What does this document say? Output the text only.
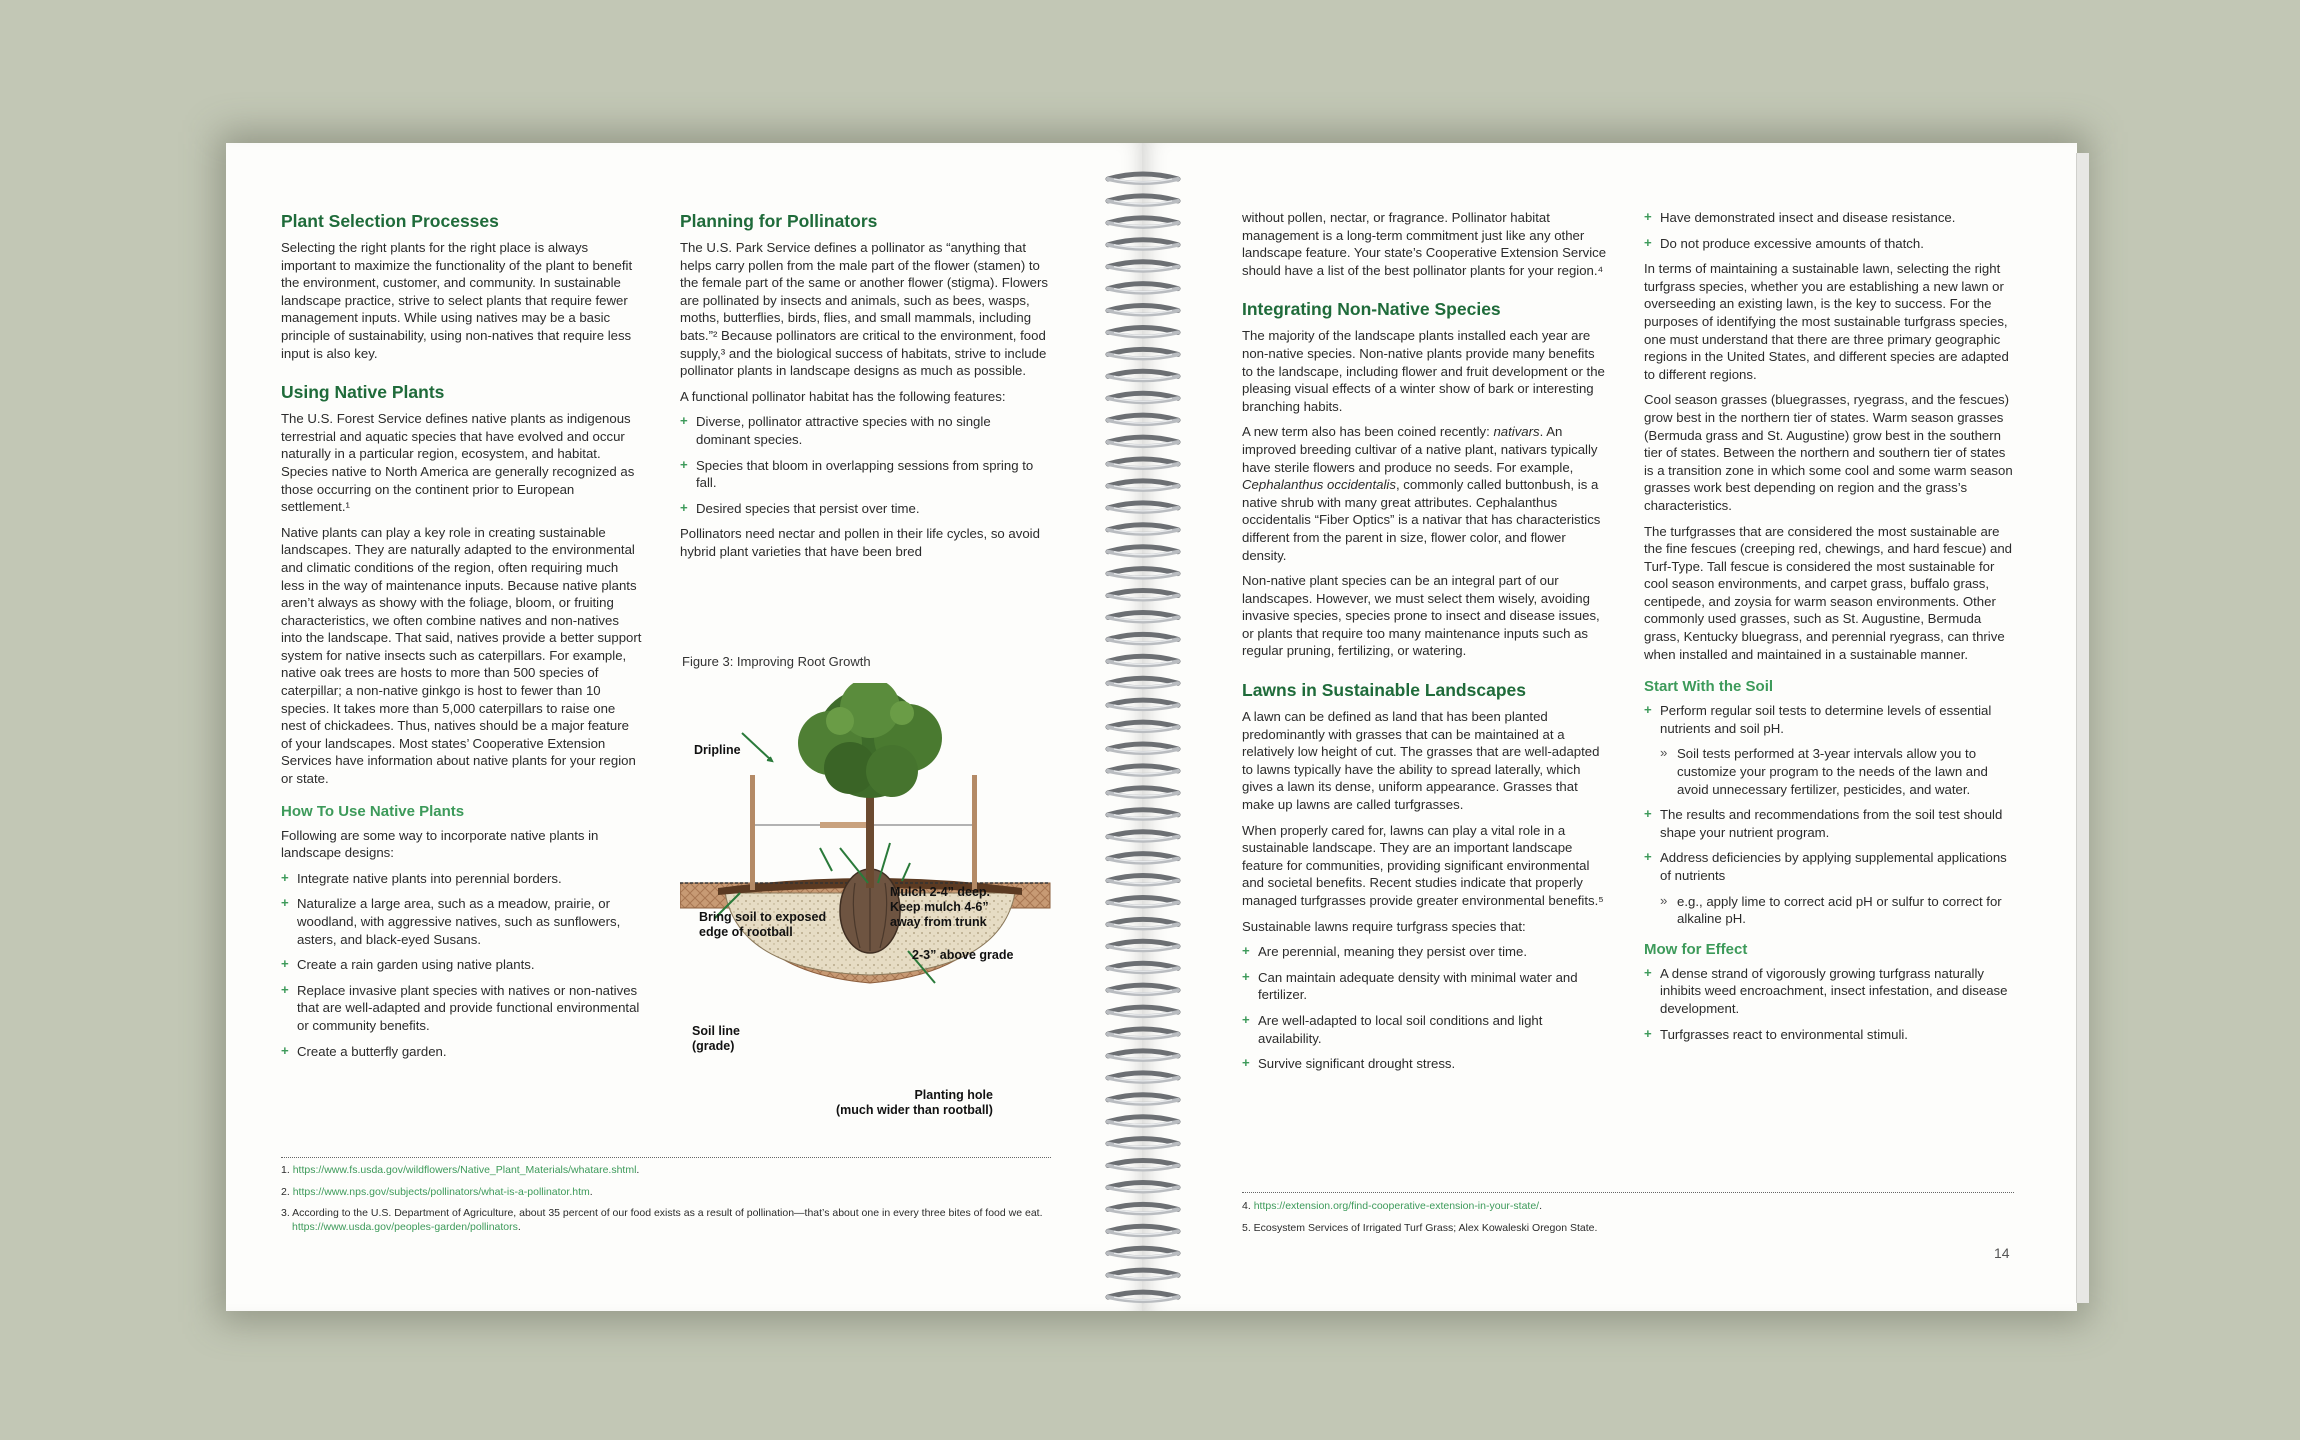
Plant Selection Processes

Selecting the right plants for the right place is always important to maximize the functionality of the plant to benefit the environment, customer, and community. In sustainable landscape practice, strive to select plants that require fewer management inputs. While using natives may be a basic principle of sustainability, using non-natives that require less input is also key.

Using Native Plants

The U.S. Forest Service defines native plants as indigenous terrestrial and aquatic species that have evolved and occur naturally in a particular region, ecosystem, and habitat. Species native to North America are generally recognized as those occurring on the continent prior to European settlement.¹

Native plants can play a key role in creating sustainable landscapes. They are naturally adapted to the environmental and climatic conditions of the region, often requiring much less in the way of maintenance inputs. Because native plants aren’t always as showy with the foliage, bloom, or fruiting characteristics, we often combine natives and non-natives into the landscape. That said, natives provide a better support system for native insects such as caterpillars. For example, native oak trees are hosts to more than 500 species of caterpillar; a non-native ginkgo is host to fewer than 10 species. It takes more than 5,000 caterpillars to raise one nest of chickadees. Thus, natives should be a major feature of your landscapes. Most states’ Cooperative Extension Services have information about native plants for your region or state.

How To Use Native Plants

Following are some way to incorporate native plants in landscape designs:

+ Integrate native plants into perennial borders.
+ Naturalize a large area, such as a meadow, prairie, or woodland, with aggressive natives, such as sunflowers, asters, and black-eyed Susans.
+ Create a rain garden using native plants.
+ Replace invasive plant species with natives or non-natives that are well-adapted and provide functional environmental or community benefits.
+ Create a butterfly garden.
Planning for Pollinators

The U.S. Park Service defines a pollinator as “anything that helps carry pollen from the male part of the flower (stamen) to the female part of the same or another flower (stigma). Flowers are pollinated by insects and animals, such as bees, wasps, moths, butterflies, birds, flies, and small mammals, including bats.”² Because pollinators are critical to the environment, food supply,³ and the biological success of habitats, strive to include pollinator plants in landscape designs as much as possible.

A functional pollinator habitat has the following features:

+ Diverse, pollinator attractive species with no single dominant species.
+ Species that bloom in overlapping sessions from spring to fall.
+ Desired species that persist over time.

Pollinators need nectar and pollen in their life cycles, so avoid hybrid plant varieties that have been bred

Figure 3: Improving Root Growth
Dripline
Mulch 2-4” deep.
Keep mulch 4-6”
away from trunk
Bring soil to exposed
edge of rootball
2-3” above grade
Soil line
(grade)
Planting hole
(much wider than rootball)

1. https://www.fs.usda.gov/wildflowers/Native_Plant_Materials/whatare.shtml.

2. https://www.nps.gov/subjects/pollinators/what-is-a-pollinator.htm.

3. According to the U.S. Department of Agriculture, about 35 percent of our food exists as a result of pollination—that’s about one in every three bites of food we eat. https://www.usda.gov/peoples-garden/pollinators.

without pollen, nectar, or fragrance. Pollinator habitat management is a long-term commitment just like any other landscape feature. Your state’s Cooperative Extension Service should have a list of the best pollinator plants for your region.⁴

Integrating Non-Native Species

The majority of the landscape plants installed each year are non-native species. Non-native plants provide many benefits to the landscape, including flower and fruit development or the pleasing visual effects of a winter show of bark or interesting branching habits.

A new term also has been coined recently: nativars. An improved breeding cultivar of a native plant, nativars typically have sterile flowers and produce no seeds. For example, Cephalanthus occidentalis, commonly called buttonbush, is a native shrub with many great attributes. Cephalanthus occidentalis “Fiber Optics” is a nativar that has characteristics different from the parent in size, flower color, and flower density.

Non-native plant species can be an integral part of our landscapes. However, we must select them wisely, avoiding invasive species, species prone to insect and disease issues, or plants that require too many maintenance inputs such as regular pruning, fertilizing, or watering.

Lawns in Sustainable Landscapes

A lawn can be defined as land that has been planted predominantly with grasses that can be maintained at a relatively low height of cut. The grasses that are well-adapted to lawns typically have the ability to spread laterally, which gives a lawn its dense, uniform appearance. Grasses that make up lawns are called turfgrasses.

When properly cared for, lawns can play a vital role in a sustainable landscape. They are an important landscape feature for communities, providing significant environmental and societal benefits. Recent studies indicate that properly managed turfgrasses provide greater environmental benefits.⁵

Sustainable lawns require turfgrass species that:

+ Are perennial, meaning they persist over time.
+ Can maintain adequate density with minimal water and fertilizer.
+ Are well-adapted to local soil conditions and light availability.
+ Survive significant drought stress.
+ Have demonstrated insect and disease resistance.
+ Do not produce excessive amounts of thatch.

In terms of maintaining a sustainable lawn, selecting the right turfgrass species, whether you are establishing a new lawn or overseeding an existing lawn, is the key to success. For the purposes of identifying the most sustainable turfgrass species, one must understand that there are three primary geographic regions in the United States, and different species are adapted to different regions.

Cool season grasses (bluegrasses, ryegrass, and the fescues) grow best in the northern tier of states. Warm season grasses (Bermuda grass and St. Augustine) grow best in the southern tier of states. Between the northern and southern tier of states is a transition zone in which some cool and some warm season grasses work best depending on region and the grass’s characteristics.

The turfgrasses that are considered the most sustainable are the fine fescues (creeping red, chewings, and hard fescue) and Turf-Type. Tall fescue is considered the most sustainable for cool season environments, and carpet grass, buffalo grass, centipede, and zoysia for warm season environments. Other commonly used grasses, such as St. Augustine, Bermuda grass, Kentucky bluegrass, and perennial ryegrass, can thrive when installed and maintained in a sustainable manner.

Start With the Soil
+ Perform regular soil tests to determine levels of essential nutrients and soil pH.
» Soil tests performed at 3-year intervals allow you to customize your program to the needs of the lawn and avoid unnecessary fertilizer, pesticides, and water.
+ The results and recommendations from the soil test should shape your nutrient program.
+ Address deficiencies by applying supplemental applications of nutrients
» e.g., apply lime to correct acid pH or sulfur to correct for alkaline pH.
Mow for Effect
+ A dense strand of vigorously growing turfgrass naturally inhibits weed encroachment, insect infestation, and disease development.
+ Turfgrasses react to environmental stimuli.

4. https://extension.org/find-cooperative-extension-in-your-state/.

5. Ecosystem Services of Irrigated Turf Grass; Alex Kowaleski Oregon State.

14
